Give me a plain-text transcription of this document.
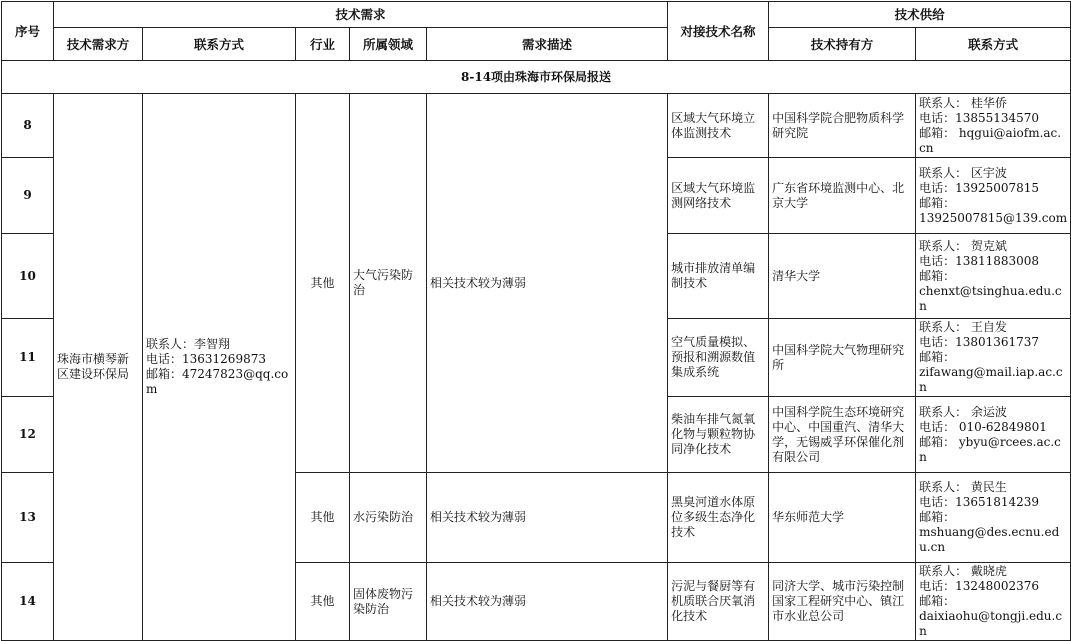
序号	技术需求					对接技术名称	技术供给	
	技术需求方	联系方式	行业	所属领域	需求描述		技术持有方	联系方式
8-14项由珠海市环保局报送								
8	珠海市横琴新区建设环保局	联系人：李智翔
电话：13631269873
邮箱：47247823@qq.com	其他	大气污染防治	相关技术较为薄弱	区域大气环境立体监测技术	中国科学院合肥物质科学研究院	联系人： 桂华侨
电话：13855134570
邮箱： hqgui@aiofm.ac.cn
9						区域大气环境监测网络技术	广东省环境监测中心、北京大学	联系人： 区宇波
电话：13925007815
邮箱：
13925007815@139.com
10						城市排放清单编制技术	清华大学	联系人： 贺克斌
电话：13811883008
邮箱：
chenxt@tsinghua.edu.cn
11						空气质量模拟、预报和溯源数值集成系统	中国科学院大气物理研究所	联系人： 王自发
电话：13801361737
邮箱：
zifawang@mail.iap.ac.cn
12						柴油车排气氮氧化物与颗粒物协同净化技术	中国科学院生态环境研究中心、中国重汽、清华大学，无锡威孚环保催化剂有限公司	联系人： 余运波
电话： 010-62849801
邮箱： ybyu@rcees.ac.cn
13			其他	水污染防治	相关技术较为薄弱	黑臭河道水体原位多级生态净化技术	华东师范大学	联系人： 黄民生
电话：13651814239
邮箱：
mshuang@des.ecnu.edu.cn
14			其他	固体废物污染防治	相关技术较为薄弱	污泥与餐厨等有机质联合厌氧消化技术	同济大学、城市污染控制国家工程研究中心、镇江市水业总公司	联系人： 戴晓虎
电话：13248002376
邮箱：
daixiaohu@tongji.edu.cn
